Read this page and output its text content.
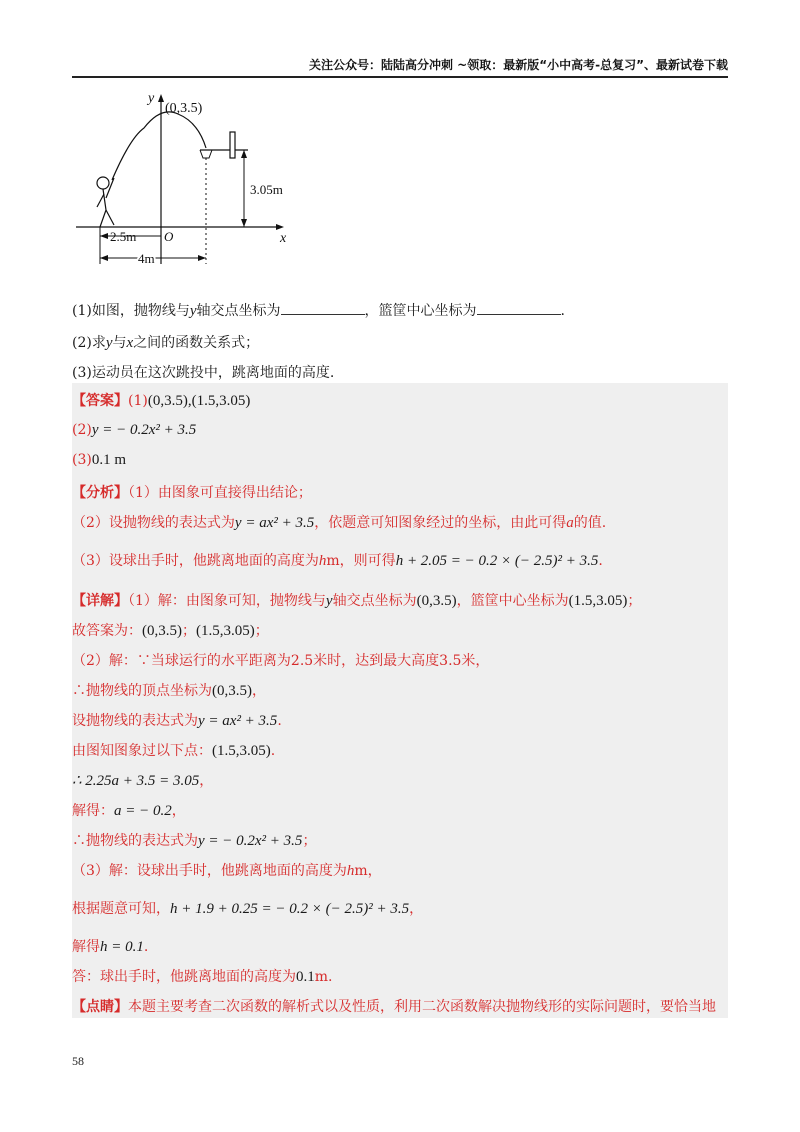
关注公众号：陆陆高分冲刺 ~领取：最新版“小中高考-总复习”、最新试卷下载
(0,3.5)
y
x
O
3.05m
2.5m
4m
(1)如图，抛物线与y轴交点坐标为	，篮筐中心坐标为	.
(2)求y与x之间的函数关系式；
(3)运动员在这次跳投中，跳离地面的高度.
【答案】(1)(0,3.5),(1.5,3.05)
(2)y = − 0.2x² + 3.5
(3)0.1 m
【分析】（1）由图象可直接得出结论；
（2）设抛物线的表达式为y = ax² + 3.5，依题意可知图象经过的坐标，由此可得a的值.
（3）设球出手时，他跳离地面的高度为hm，则可得h + 2.05 = − 0.2 × (− 2.5)² + 3.5.
【详解】（1）解：由图象可知，抛物线与y轴交点坐标为(0,3.5)，篮筐中心坐标为(1.5,3.05)；
故答案为：(0,3.5)；(1.5,3.05)；
（2）解：∵当球运行的水平距离为2.5米时，达到最大高度3.5米，
∴抛物线的顶点坐标为(0,3.5)，
设抛物线的表达式为y = ax² + 3.5.
由图知图象过以下点：(1.5,3.05).
∴ 2.25a + 3.5 = 3.05，
解得：a = − 0.2，
∴抛物线的表达式为y = − 0.2x² + 3.5；
（3）解：设球出手时，他跳离地面的高度为hm，
根据题意可知，h + 1.9 + 0.25 = − 0.2 × (− 2.5)² + 3.5，
解得h = 0.1.
答：球出手时，他跳离地面的高度为0.1m.
【点睛】本题主要考查二次函数的解析式以及性质，利用二次函数解决抛物线形的实际问题时，要恰当地
58
